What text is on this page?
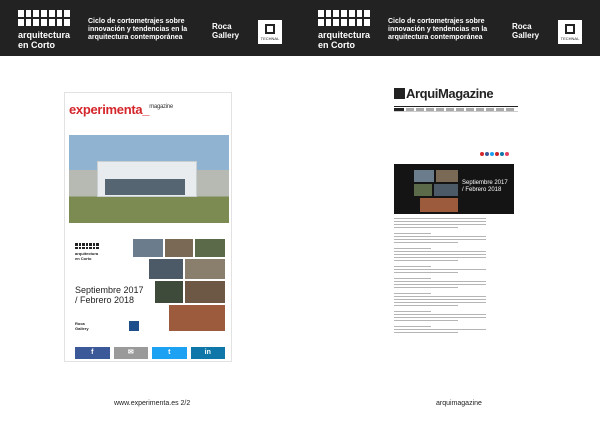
arquitectura
en Corto
Ciclo de cortometrajes sobre innovación y tendencias en la arquitectura contemporánea
Roca
Gallery	TECHNAL	arquitectura
en Corto
Ciclo de cortometrajes sobre innovación y tendencias en la arquitectura contemporánea
Roca
Gallery	TECHNAL

experimenta_$^{magazine}$

arquitectura
en Corto

Septiembre 2017
/ Febrero 2018

Roca
Gallery

f	✉	t	in
www.experimenta.es 2/2
ArquiMagazine

Septiembre 2017
/ Febrero 2018
arquimagazine
